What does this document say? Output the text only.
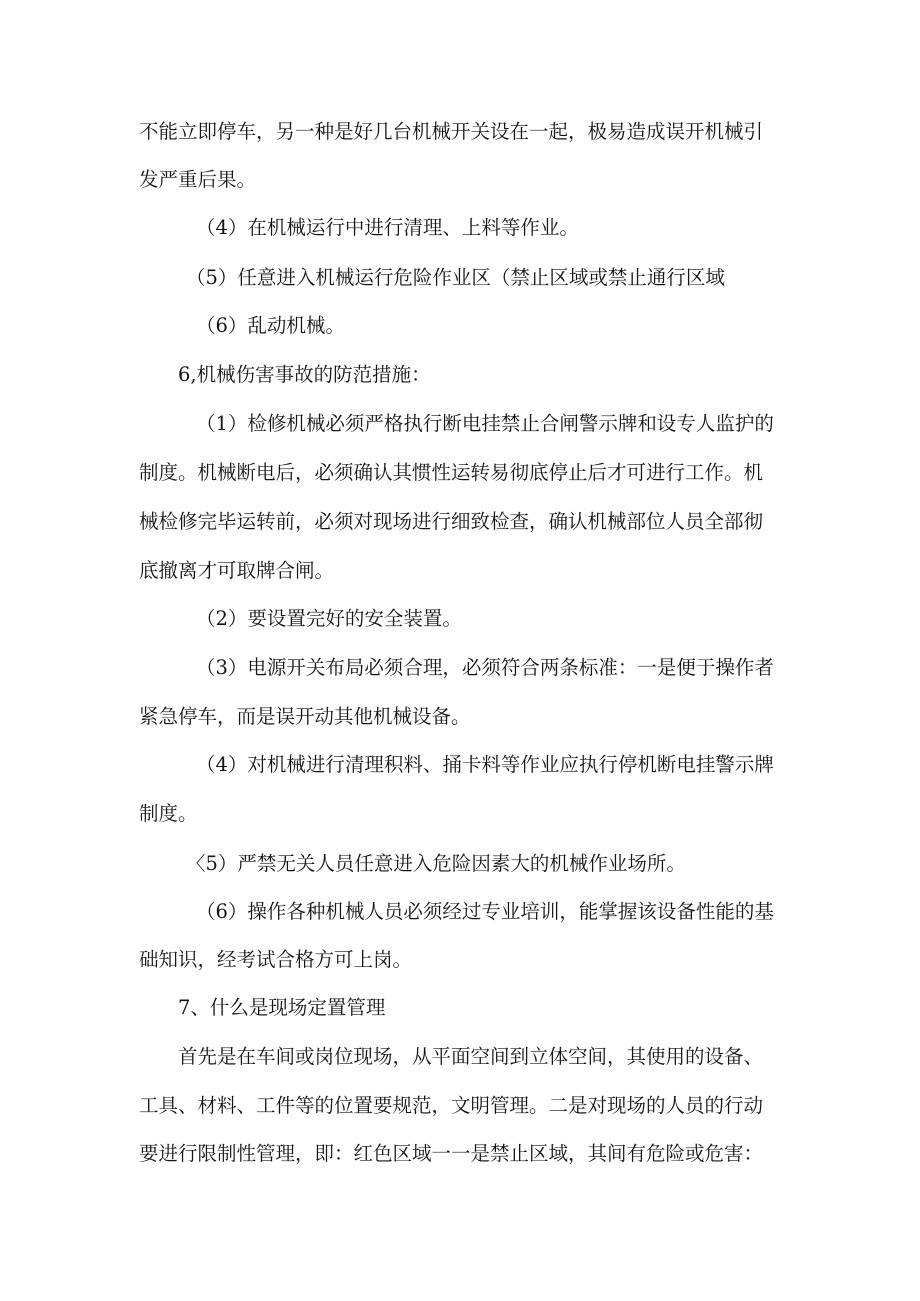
不能立即停车，另一种是好几台机械开关设在一起，极易造成误开机械引

发严重后果。

（4）在机械运行中进行清理、上料等作业。

（5）任意进入机械运行危险作业区（禁止区域或禁止通行区域

（6）乱动机械。

6,机械伤害事故的防范措施：

（1）检修机械必须严格执行断电挂禁止合闸警示牌和设专人监护的

制度。机械断电后，必须确认其惯性运转易彻底停止后才可进行工作。机

械检修完毕运转前，必须对现场进行细致检查，确认机械部位人员全部彻

底撤离才可取牌合闸。

（2）要设置完好的安全装置。

（3）电源开关布局必须合理，必须符合两条标准：一是便于操作者

紧急停车，而是误开动其他机械设备。

（4）对机械进行清理积料、捅卡料等作业应执行停机断电挂警示牌

制度。

〈5）严禁无关人员任意进入危险因素大的机械作业场所。

（6）操作各种机械人员必须经过专业培训，能掌握该设备性能的基

础知识，经考试合格方可上岗。

7、什么是现场定置管理

首先是在车间或岗位现场，从平面空间到立体空间，其使用的设备、

工具、材料、工件等的位置要规范，文明管理。二是对现场的人员的行动

要进行限制性管理，即：红色区域一一是禁止区域，其间有危险或危害：
